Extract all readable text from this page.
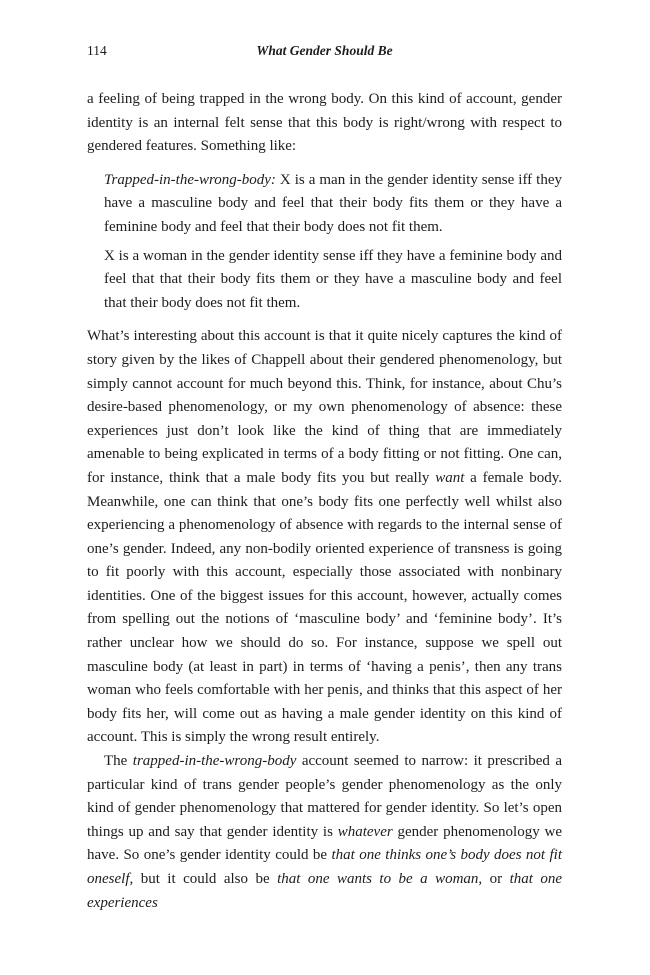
114	What Gender Should Be

a feeling of being trapped in the wrong body. On this kind of account, gender identity is an internal felt sense that this body is right/wrong with respect to gendered features. Something like:

Trapped-in-the-wrong-body: X is a man in the gender identity sense iff they have a masculine body and feel that their body fits them or they have a feminine body and feel that their body does not fit them.

X is a woman in the gender identity sense iff they have a feminine body and feel that that their body fits them or they have a masculine body and feel that their body does not fit them.

What’s interesting about this account is that it quite nicely captures the kind of story given by the likes of Chappell about their gendered phenomenology, but simply cannot account for much beyond this. Think, for instance, about Chu’s desire-based phenomenology, or my own phenomenology of absence: these experiences just don’t look like the kind of thing that are immediately amenable to being explicated in terms of a body fitting or not fitting. One can, for instance, think that a male body fits you but really want a female body. Meanwhile, one can think that one’s body fits one perfectly well whilst also experiencing a phenomenology of absence with regards to the internal sense of one’s gender. Indeed, any non-bodily oriented experience of transness is going to fit poorly with this account, especially those associated with nonbinary identities. One of the biggest issues for this account, however, actually comes from spelling out the notions of ‘masculine body’ and ‘feminine body’. It’s rather unclear how we should do so. For instance, suppose we spell out masculine body (at least in part) in terms of ‘having a penis’, then any trans woman who feels comfortable with her penis, and thinks that this aspect of her body fits her, will come out as having a male gender identity on this kind of account. This is simply the wrong result entirely.

The trapped-in-the-wrong-body account seemed to narrow: it prescribed a particular kind of trans gender people’s gender phenomenology as the only kind of gender phenomenology that mattered for gender identity. So let’s open things up and say that gender identity is whatever gender phenomenology we have. So one’s gender identity could be that one thinks one’s body does not fit oneself, but it could also be that one wants to be a woman, or that one experiences
